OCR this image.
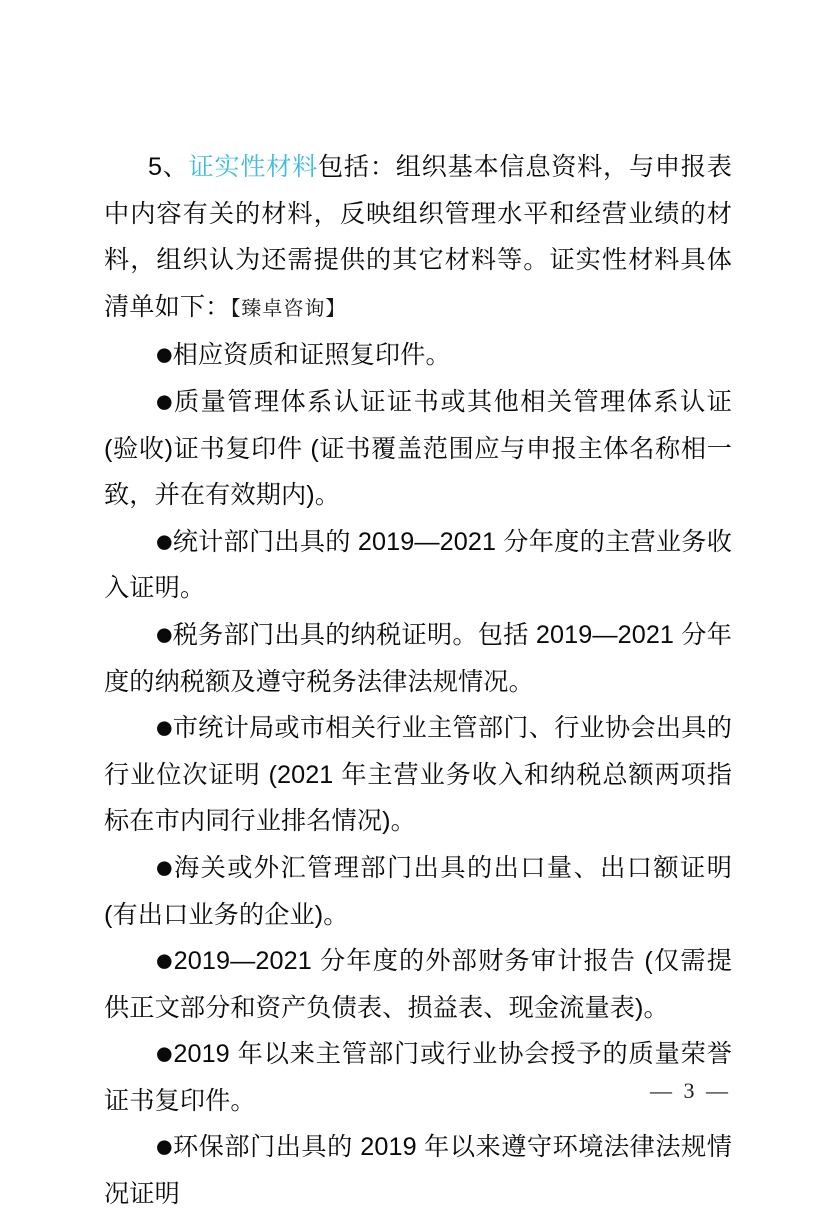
5、证实性材料包括：组织基本信息资料，与申报表中内容有关的材料，反映组织管理水平和经营业绩的材料，组织认为还需提供的其它材料等。证实性材料具体清单如下：【臻卓咨询】

●相应资质和证照复印件。

●质量管理体系认证证书或其他相关管理体系认证(验收)证书复印件 (证书覆盖范围应与申报主体名称相一致，并在有效期内)。

●统计部门出具的 2019—2021 分年度的主营业务收入证明。

●税务部门出具的纳税证明。包括 2019—2021 分年度的纳税额及遵守税务法律法规情况。

●市统计局或市相关行业主管部门、行业协会出具的行业位次证明 (2021 年主营业务收入和纳税总额两项指标在市内同行业排名情况)。

●海关或外汇管理部门出具的出口量、出口额证明 (有出口业务的企业)。

●2019—2021 分年度的外部财务审计报告 (仅需提供正文部分和资产负债表、损益表、现金流量表)。

●2019 年以来主管部门或行业协会授予的质量荣誉证书复印件。

●环保部门出具的 2019 年以来遵守环境法律法规情况证明

— 3 —
